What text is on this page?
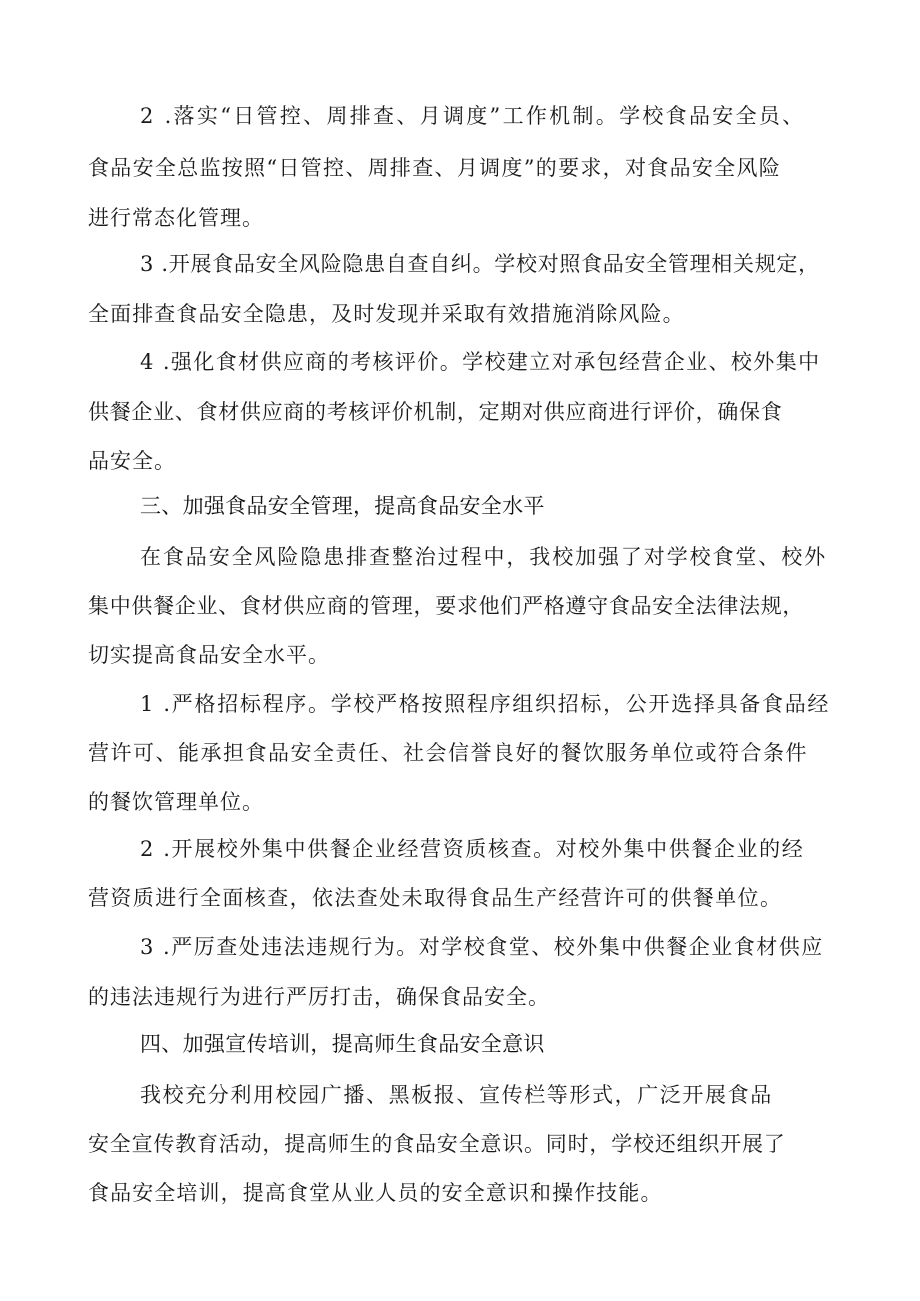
2 .落实“日管控、周排查、月调度”工作机制。学校食品安全员、
食品安全总监按照“日管控、周排查、月调度”的要求，对食品安全风险
进行常态化管理。
3 .开展食品安全风险隐患自查自纠。学校对照食品安全管理相关规定，
全面排查食品安全隐患，及时发现并采取有效措施消除风险。
4 .强化食材供应商的考核评价。学校建立对承包经营企业、校外集中
供餐企业、食材供应商的考核评价机制，定期对供应商进行评价，确保食
品安全。
三、加强食品安全管理，提高食品安全水平
在食品安全风险隐患排查整治过程中，我校加强了对学校食堂、校外
集中供餐企业、食材供应商的管理，要求他们严格遵守食品安全法律法规，
切实提高食品安全水平。
1 .严格招标程序。学校严格按照程序组织招标，公开选择具备食品经
营许可、能承担食品安全责任、社会信誉良好的餐饮服务单位或符合条件
的餐饮管理单位。
2 .开展校外集中供餐企业经营资质核查。对校外集中供餐企业的经
营资质进行全面核查，依法查处未取得食品生产经营许可的供餐单位。
3 .严厉查处违法违规行为。对学校食堂、校外集中供餐企业食材供应
的违法违规行为进行严厉打击，确保食品安全。
四、加强宣传培训，提高师生食品安全意识
我校充分利用校园广播、黑板报、宣传栏等形式，广泛开展食品
安全宣传教育活动，提高师生的食品安全意识。同时，学校还组织开展了
食品安全培训，提高食堂从业人员的安全意识和操作技能。
